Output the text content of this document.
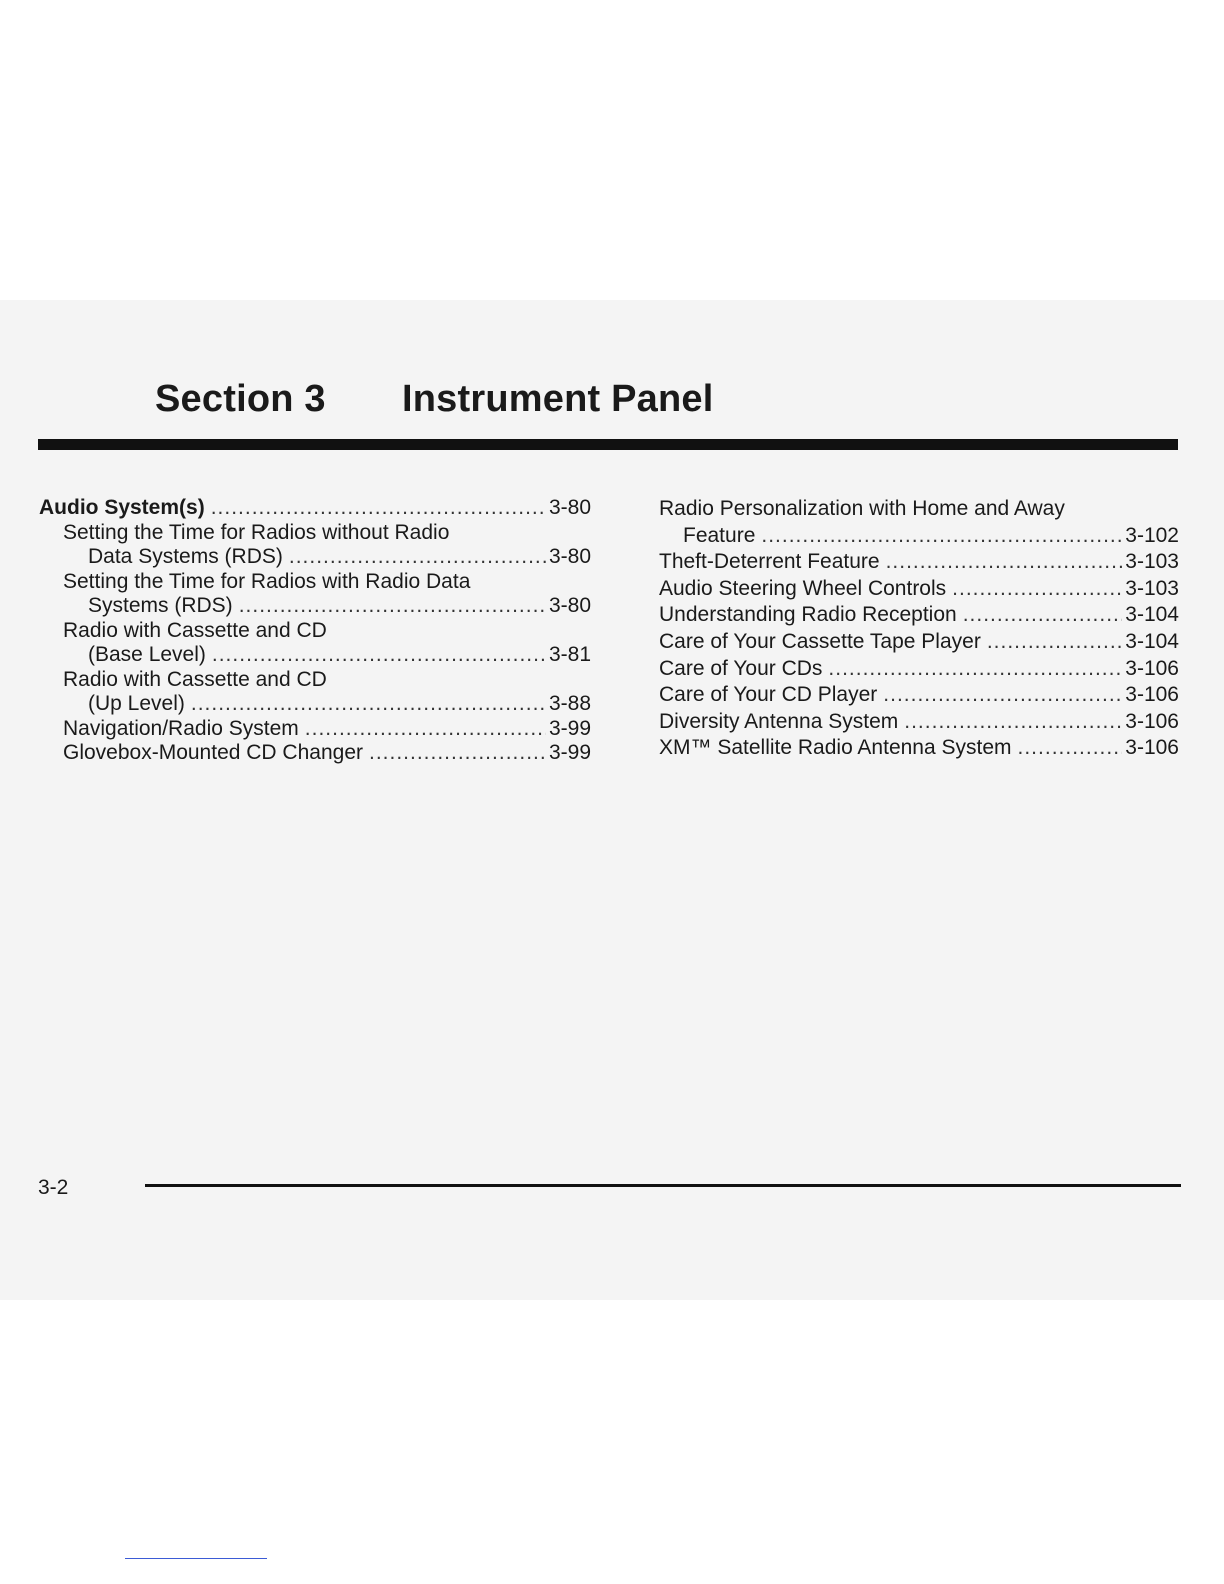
Section 3 Instrument Panel
Audio System(s) .....	3-80
Setting the Time for Radios without Radio
Data Systems (RDS) .....	3-80
Setting the Time for Radios with Radio Data
Systems (RDS) .....	3-80
Radio with Cassette and CD
(Base Level) .....	3-81
Radio with Cassette and CD
(Up Level) .....	3-88
Navigation/Radio System .....	3-99
Glovebox-Mounted CD Changer .....	3-99
Radio Personalization with Home and Away
Feature .....	3-102
Theft-Deterrent Feature .....	3-103
Audio Steering Wheel Controls .....	3-103
Understanding Radio Reception .....	3-104
Care of Your Cassette Tape Player .....	3-104
Care of Your CDs .....	3-106
Care of Your CD Player .....	3-106
Diversity Antenna System .....	3-106
XM™ Satellite Radio Antenna System .....	3-106
3-2
